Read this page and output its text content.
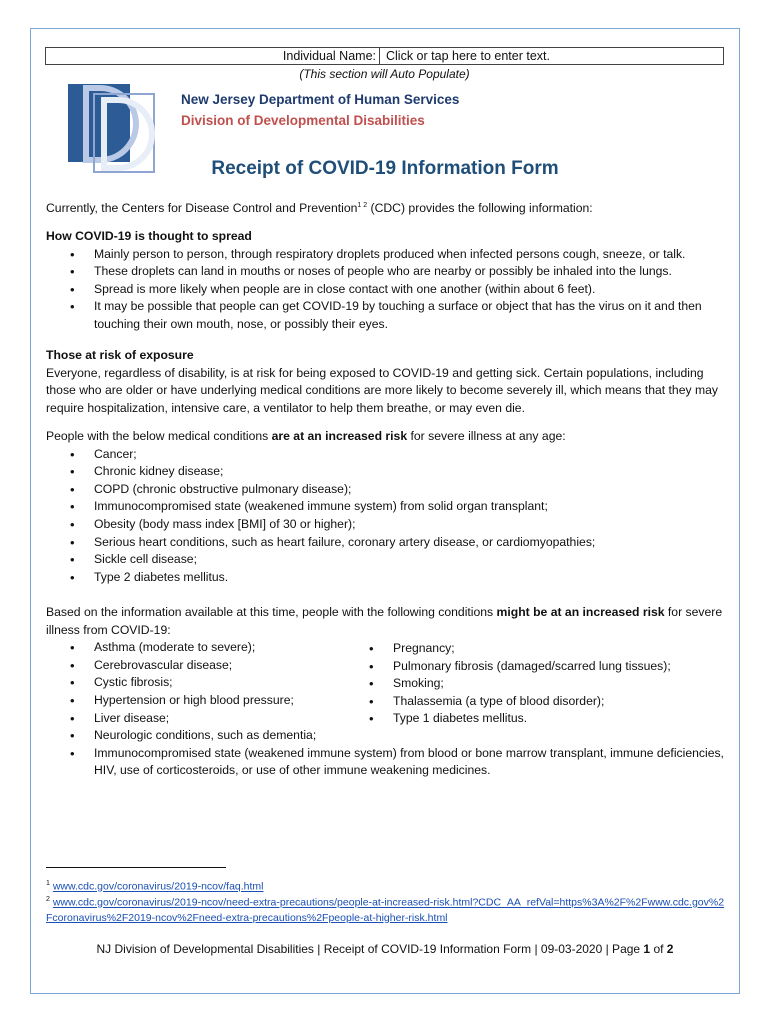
Individual Name: Click or tap here to enter text.
(This section will Auto Populate)
New Jersey Department of Human Services
Division of Developmental Disabilities
Receipt of COVID-19 Information Form
Currently, the Centers for Disease Control and Prevention$^{1 2}$ (CDC) provides the following information:
How COVID-19 is thought to spread
• Mainly person to person, through respiratory droplets produced when infected persons cough, sneeze, or talk.
• These droplets can land in mouths or noses of people who are nearby or possibly be inhaled into the lungs.
• Spread is more likely when people are in close contact with one another (within about 6 feet).
• It may be possible that people can get COVID-19 by touching a surface or object that has the virus on it and then touching their own mouth, nose, or possibly their eyes.
Those at risk of exposure
Everyone, regardless of disability, is at risk for being exposed to COVID-19 and getting sick. Certain populations, including those who are older or have underlying medical conditions are more likely to become severely ill, which means that they may require hospitalization, intensive care, a ventilator to help them breathe, or may even die.
People with the below medical conditions are at an increased risk for severe illness at any age:
• Cancer;
• Chronic kidney disease;
• COPD (chronic obstructive pulmonary disease);
• Immunocompromised state (weakened immune system) from solid organ transplant;
• Obesity (body mass index [BMI] of 30 or higher);
• Serious heart conditions, such as heart failure, coronary artery disease, or cardiomyopathies;
• Sickle cell disease;
• Type 2 diabetes mellitus.
Based on the information available at this time, people with the following conditions might be at an increased risk for severe illness from COVID-19:
• Asthma (moderate to severe);
• Cerebrovascular disease;
• Cystic fibrosis;
• Hypertension or high blood pressure;
• Liver disease;
• Neurologic conditions, such as dementia;
• Immunocompromised state (weakened immune system) from blood or bone marrow transplant, immune deficiencies, HIV, use of corticosteroids, or use of other immune weakening medicines.
• Pregnancy;
• Pulmonary fibrosis (damaged/scarred lung tissues);
• Smoking;
• Thalassemia (a type of blood disorder);
• Type 1 diabetes mellitus.
$^1$ www.cdc.gov/coronavirus/2019-ncov/faq.html
$^2$ www.cdc.gov/coronavirus/2019-ncov/need-extra-precautions/people-at-increased-risk.html?CDC_AA_refVal=https%3A%2F%2Fwww.cdc.gov%2Fcoronavirus%2F2019-ncov%2Fneed-extra-precautions%2Fpeople-at-higher-risk.html
NJ Division of Developmental Disabilities | Receipt of COVID-19 Information Form | 09-03-2020 | Page 1 of 2
